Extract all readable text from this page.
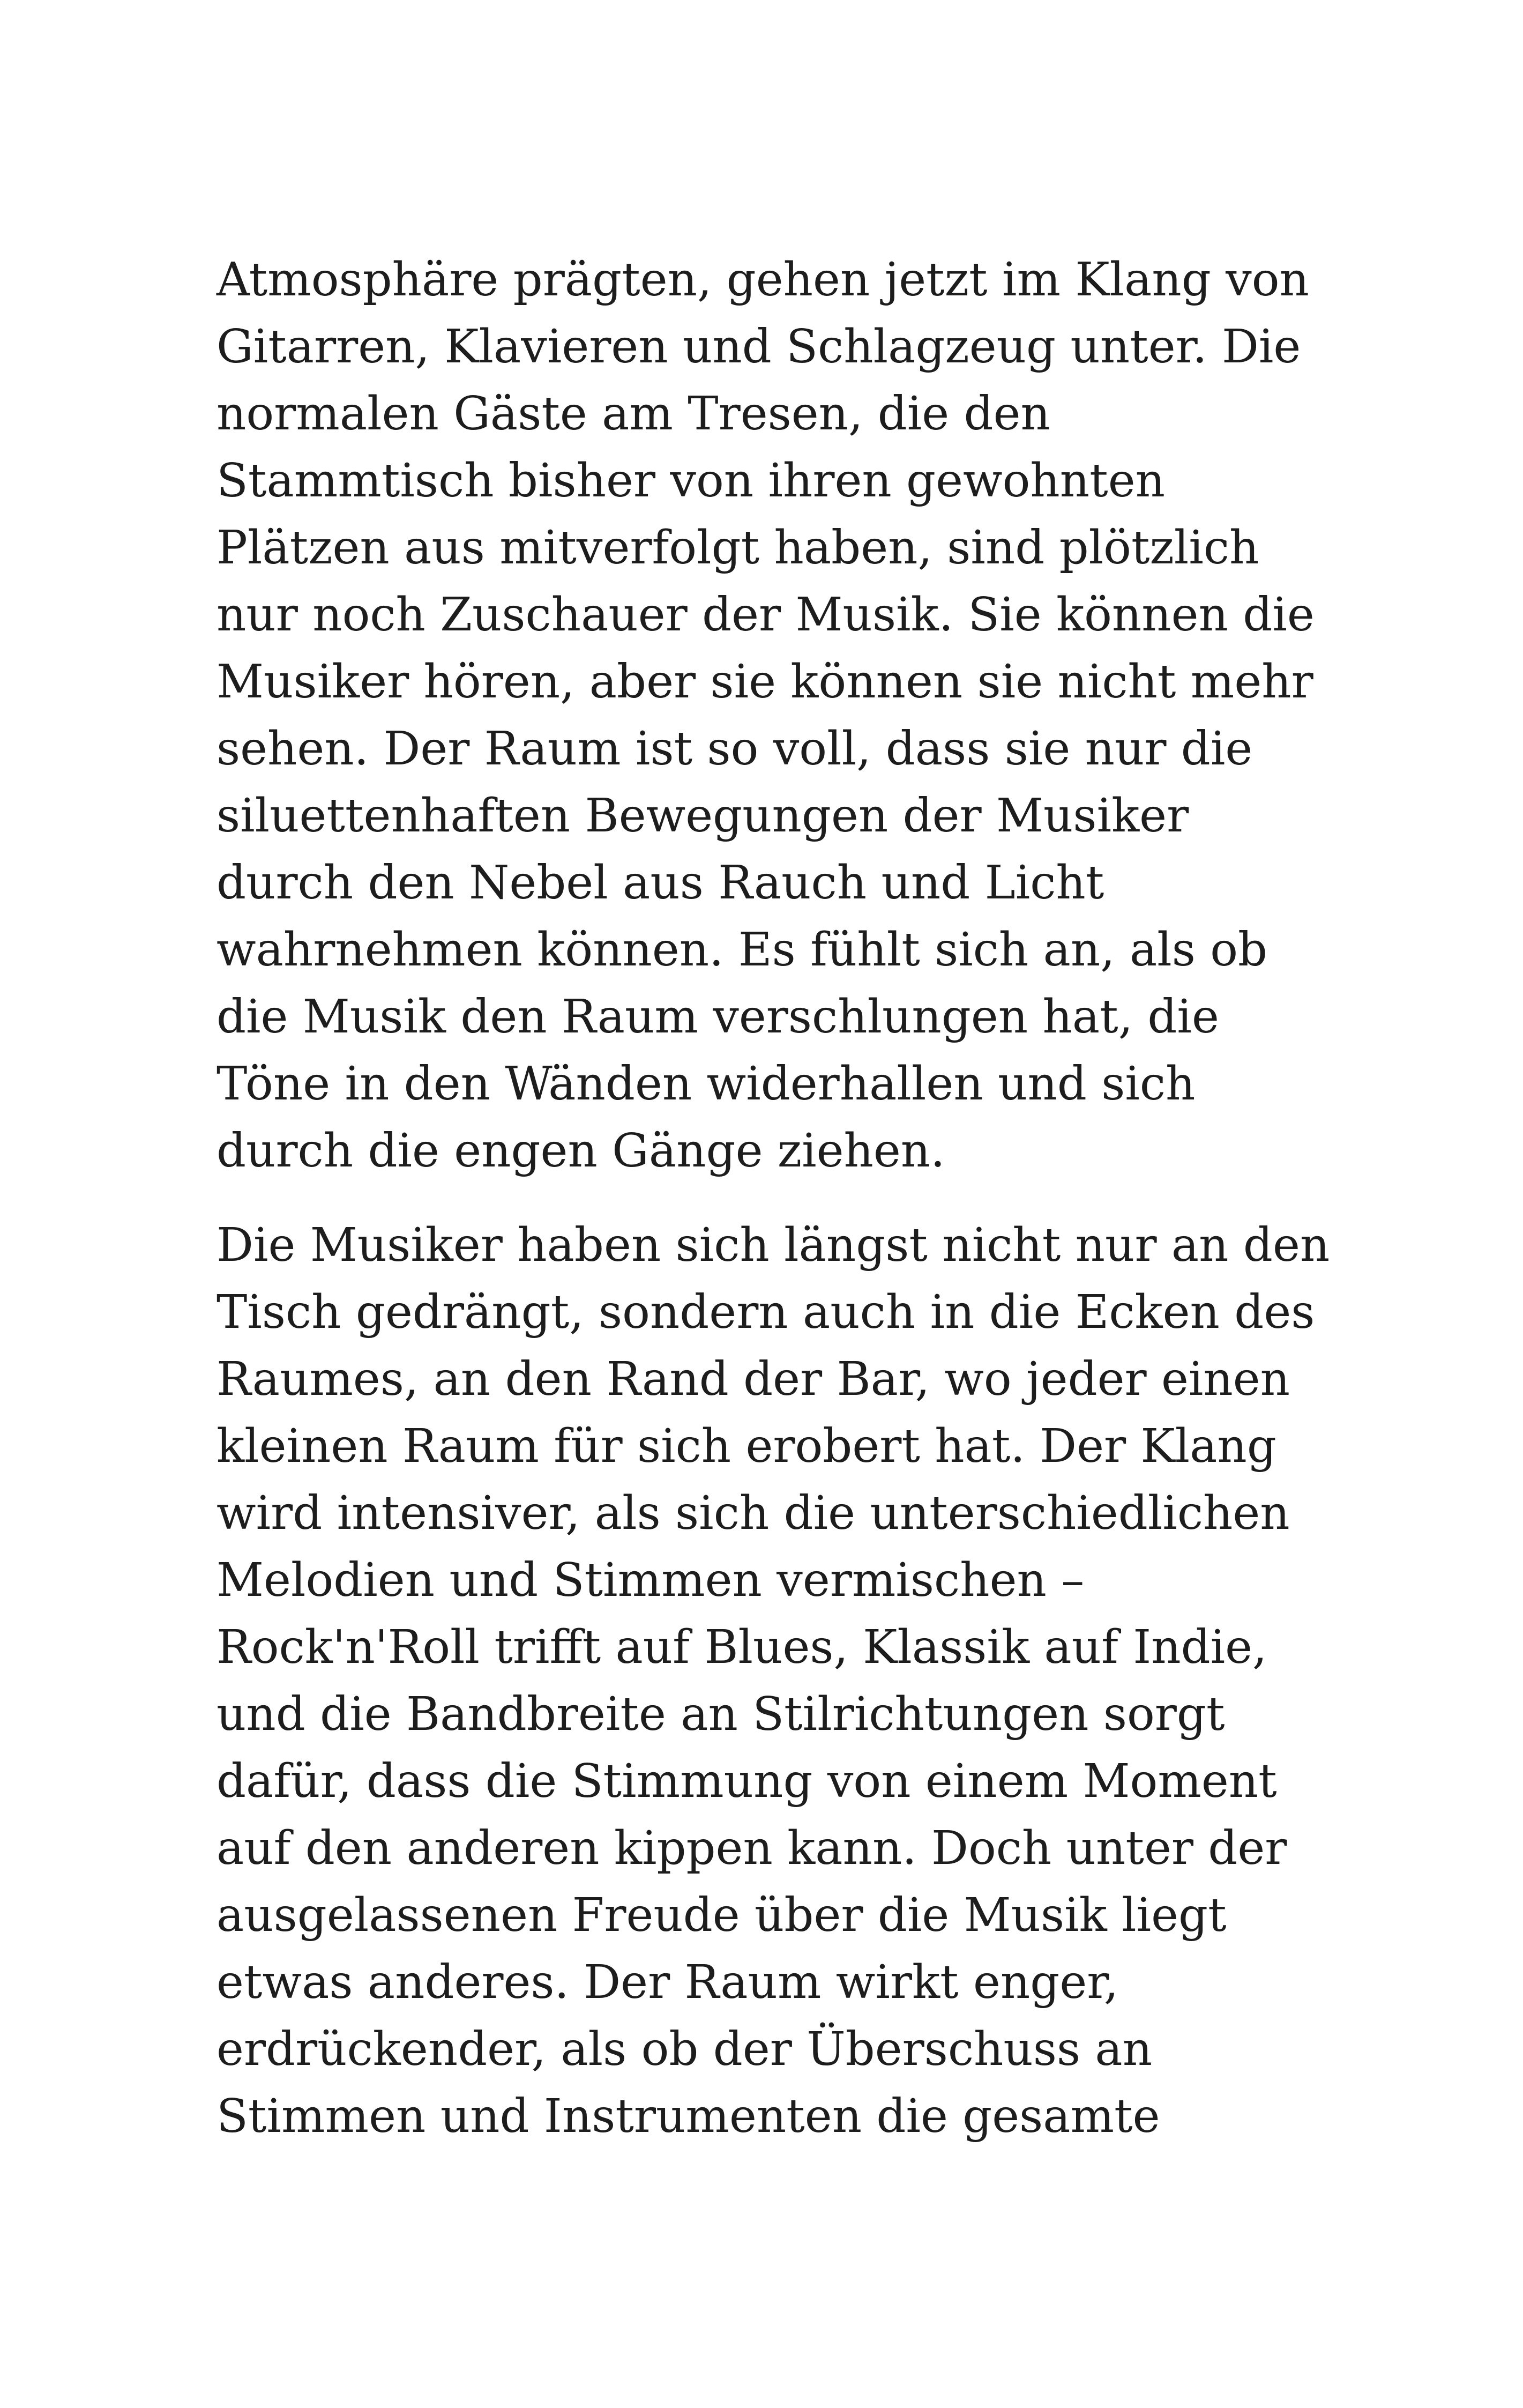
Atmosphäre prägten, gehen jetzt im Klang von
Gitarren, Klavieren und Schlagzeug unter. Die
normalen Gäste am Tresen, die den
Stammtisch bisher von ihren gewohnten
Plätzen aus mitverfolgt haben, sind plötzlich
nur noch Zuschauer der Musik. Sie können die
Musiker hören, aber sie können sie nicht mehr
sehen. Der Raum ist so voll, dass sie nur die
siluettenhaften Bewegungen der Musiker
durch den Nebel aus Rauch und Licht
wahrnehmen können. Es fühlt sich an, als ob
die Musik den Raum verschlungen hat, die
Töne in den Wänden widerhallen und sich
durch die engen Gänge ziehen.
Die Musiker haben sich längst nicht nur an den
Tisch gedrängt, sondern auch in die Ecken des
Raumes, an den Rand der Bar, wo jeder einen
kleinen Raum für sich erobert hat. Der Klang
wird intensiver, als sich die unterschiedlichen
Melodien und Stimmen vermischen –
Rock'n'Roll trifft auf Blues, Klassik auf Indie,
und die Bandbreite an Stilrichtungen sorgt
dafür, dass die Stimmung von einem Moment
auf den anderen kippen kann. Doch unter der
ausgelassenen Freude über die Musik liegt
etwas anderes. Der Raum wirkt enger,
erdrückender, als ob der Überschuss an
Stimmen und Instrumenten die gesamte
